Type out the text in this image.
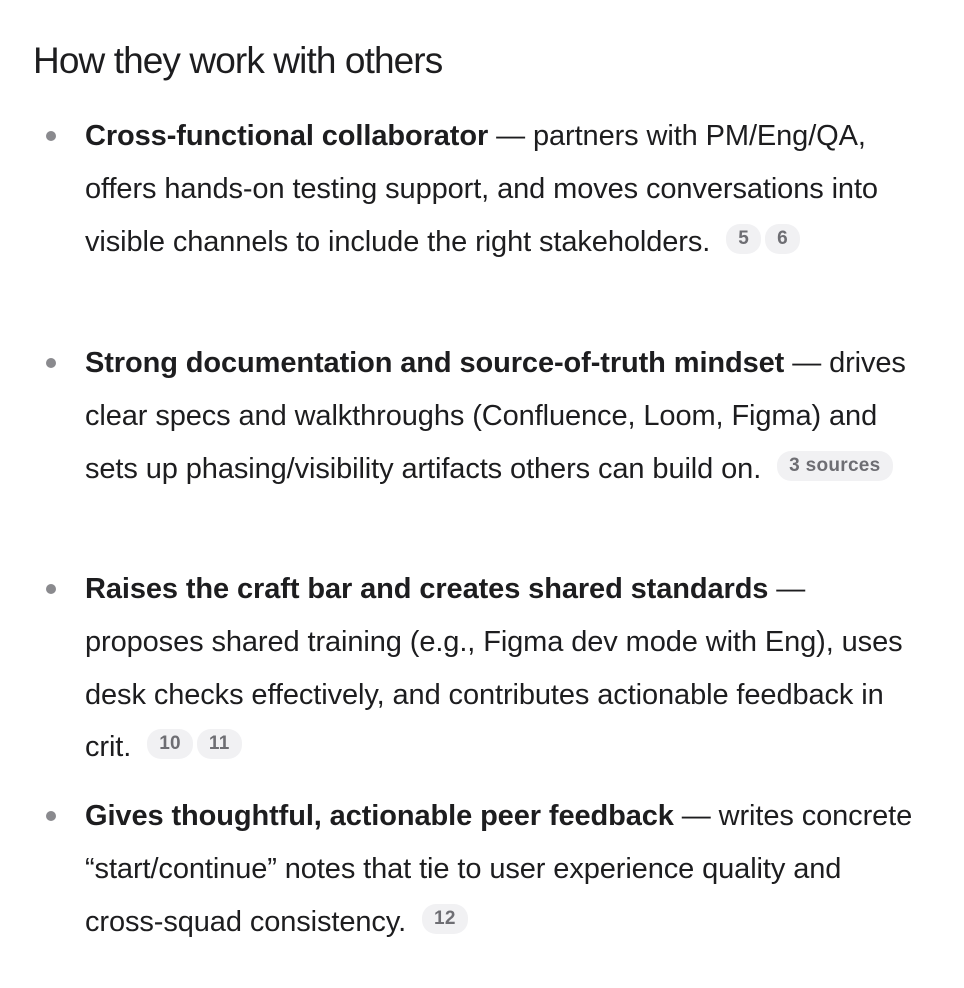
How they work with others
Cross-functional collaborator — partners with PM/Eng/QA, offers hands-on testing support, and moves conversations into visible channels to include the right stakeholders. 5 6
Strong documentation and source-of-truth mindset — drives clear specs and walkthroughs (Confluence, Loom, Figma) and sets up phasing/visibility artifacts others can build on. 3 sources
Raises the craft bar and creates shared standards — proposes shared training (e.g., Figma dev mode with Eng), uses desk checks effectively, and contributes actionable feedback in crit. 10 11
Gives thoughtful, actionable peer feedback — writes concrete “start/continue” notes that tie to user experience quality and cross-squad consistency. 12
